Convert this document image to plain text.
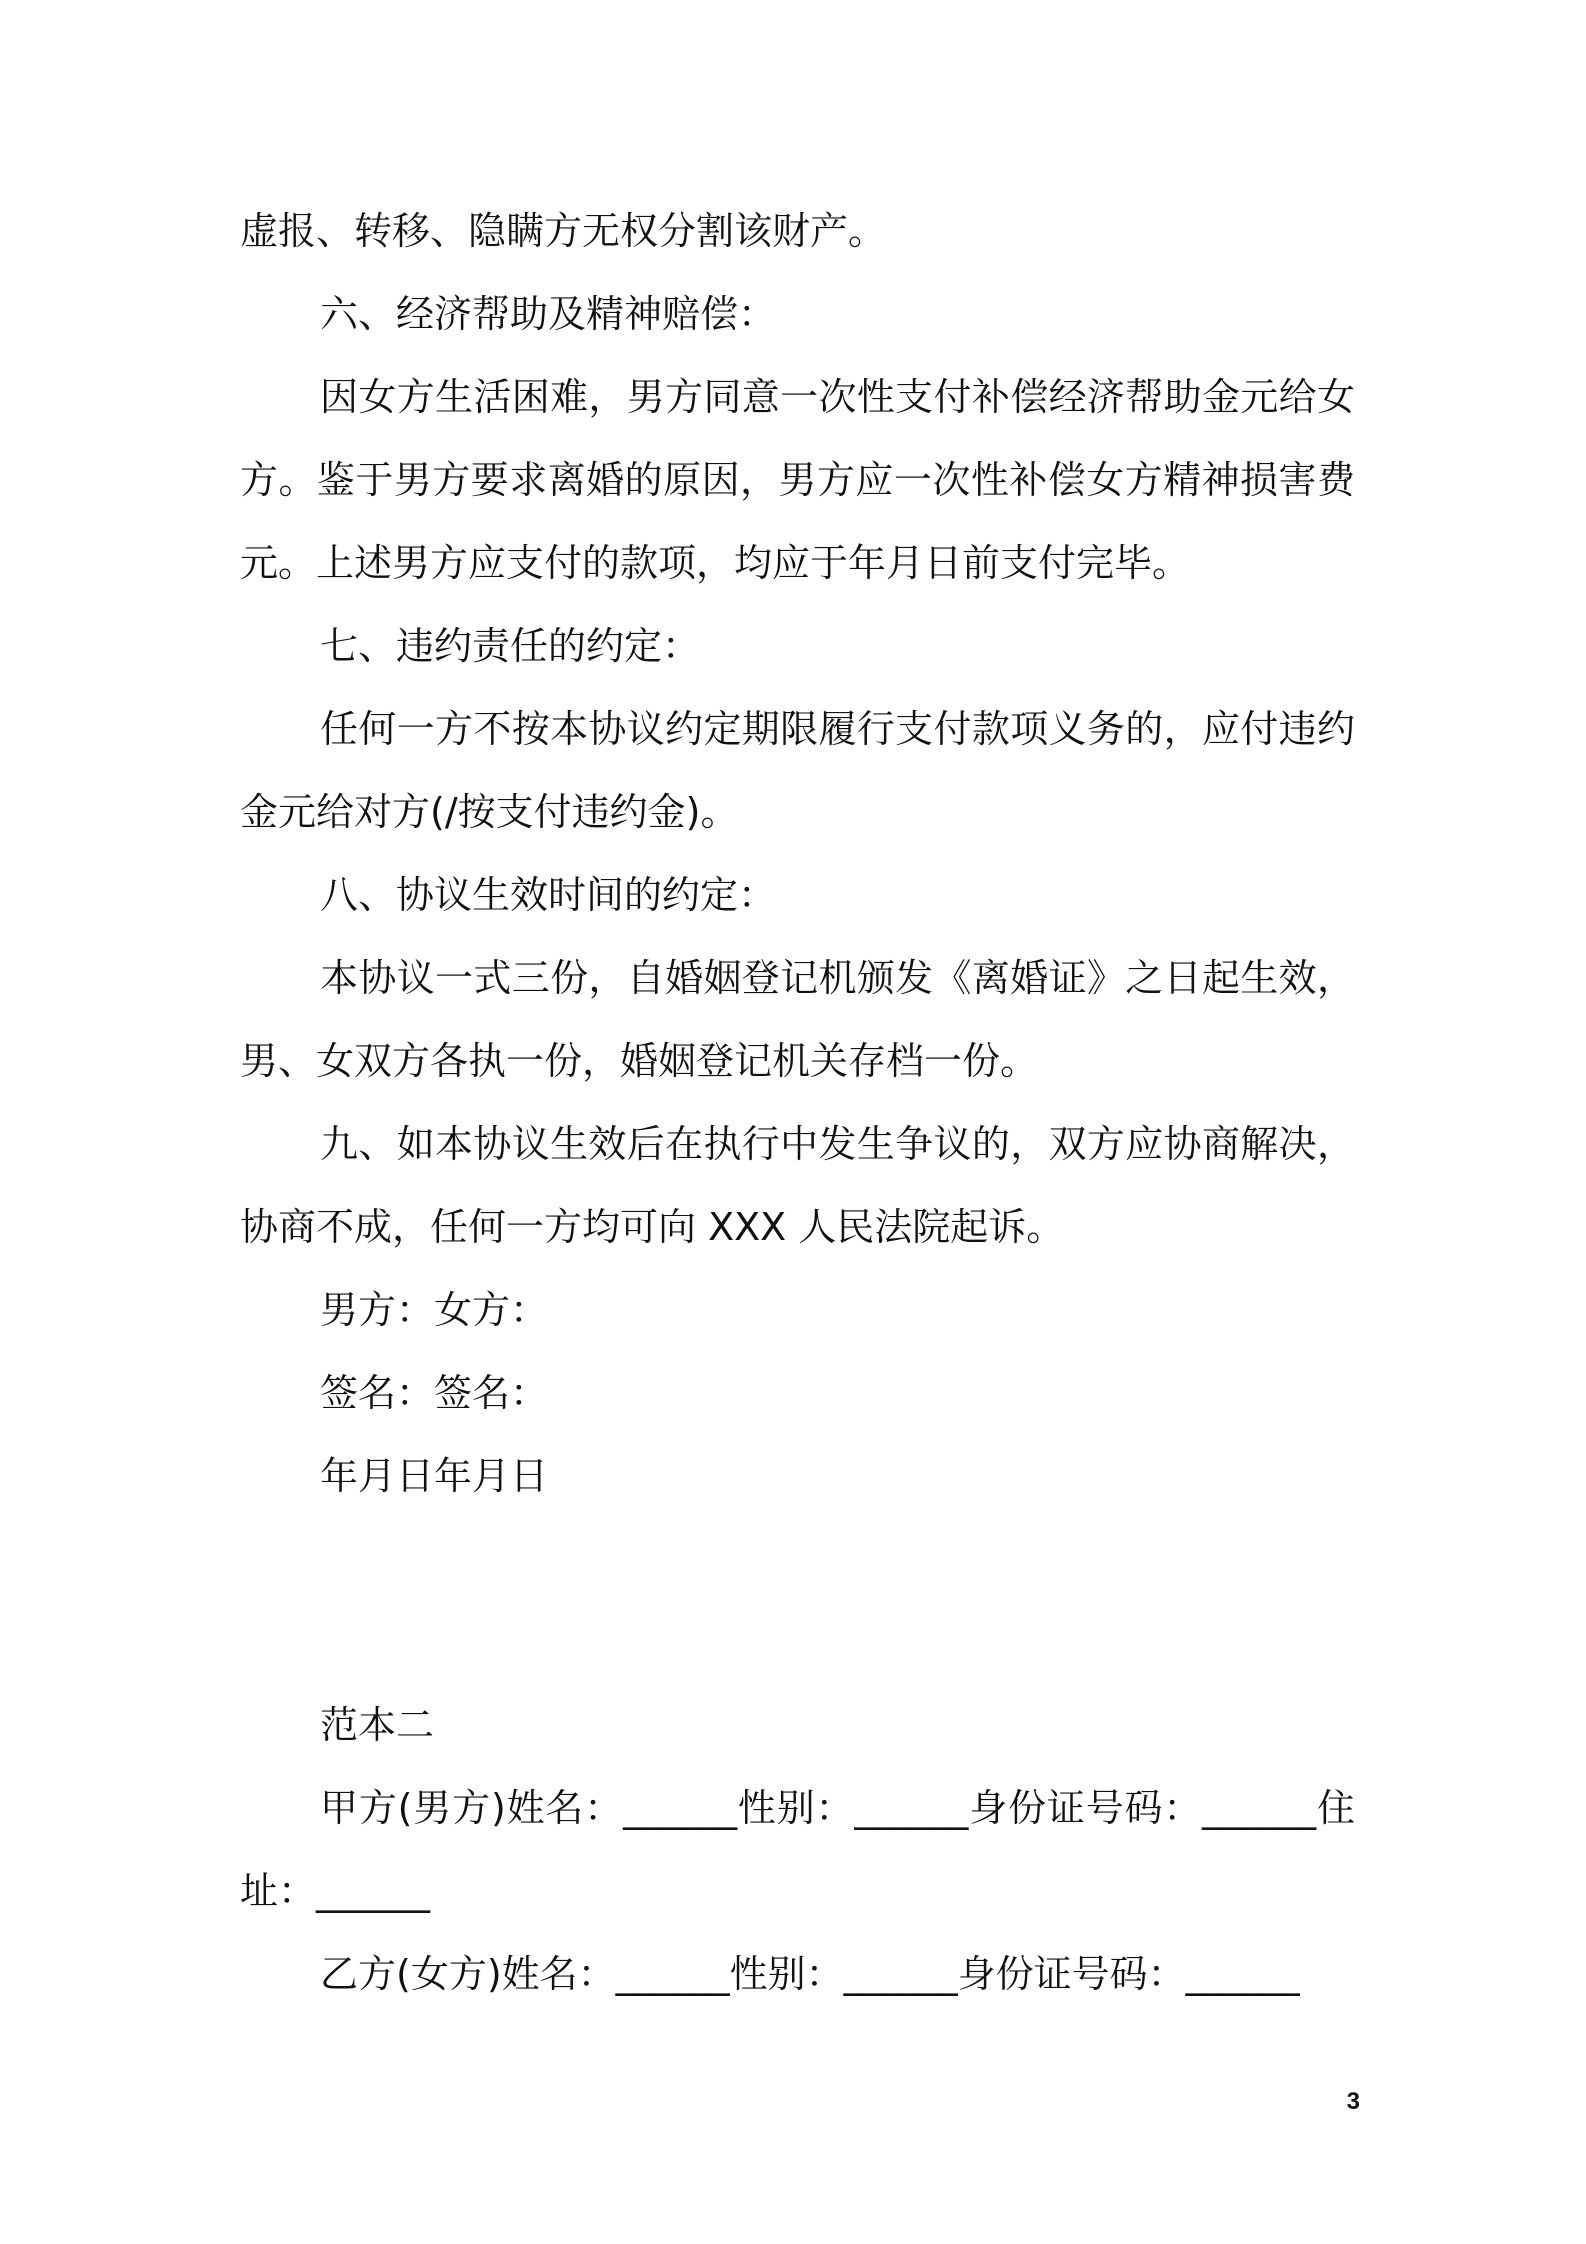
虚报、转移、隐瞒方无权分割该财产。

六、经济帮助及精神赔偿：

因女方生活困难，男方同意一次性支付补偿经济帮助金元给女方。鉴于男方要求离婚的原因，男方应一次性补偿女方精神损害费元。上述男方应支付的款项，均应于年月日前支付完毕。

七、违约责任的约定：

任何一方不按本协议约定期限履行支付款项义务的，应付违约金元给对方(/按支付违约金)。

八、协议生效时间的约定：

本协议一式三份，自婚姻登记机颁发《离婚证》之日起生效，男、女双方各执一份，婚姻登记机关存档一份。

九、如本协议生效后在执行中发生争议的，双方应协商解决，协商不成，任何一方均可向 XXX 人民法院起诉。

男方：女方：

签名：签名：

年月日年月日

范本二

甲方(男方)姓名：______性别：______身份证号码：______住址：______

乙方(女方)姓名：______性别：______身份证号码：______

3
